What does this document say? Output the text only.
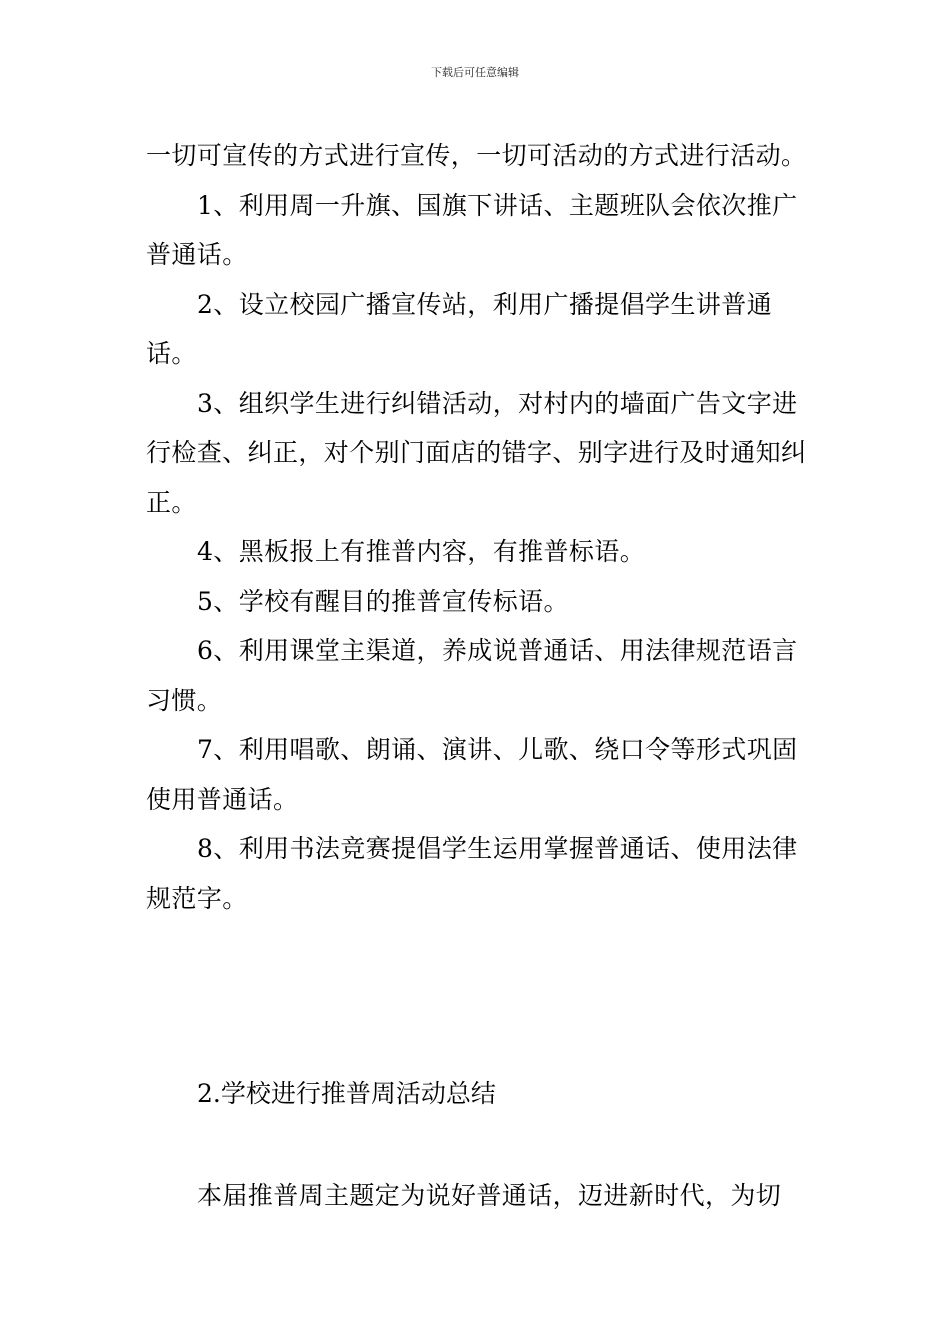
下载后可任意编辑

一切可宣传的方式进行宣传，一切可活动的方式进行活动。

1、利用周一升旗、国旗下讲话、主题班队会依次推广普通话。

2、设立校园广播宣传站，利用广播提倡学生讲普通话。

3、组织学生进行纠错活动，对村内的墙面广告文字进行检查、纠正，对个别门面店的错字、别字进行及时通知纠正。

4、黑板报上有推普内容，有推普标语。

5、学校有醒目的推普宣传标语。

6、利用课堂主渠道，养成说普通话、用法律规范语言习惯。

7、利用唱歌、朗诵、演讲、儿歌、绕口令等形式巩固使用普通话。

8、利用书法竞赛提倡学生运用掌握普通话、使用法律规范字。

2.学校进行推普周活动总结
本届推普周主题定为说好普通话，迈进新时代，为切
